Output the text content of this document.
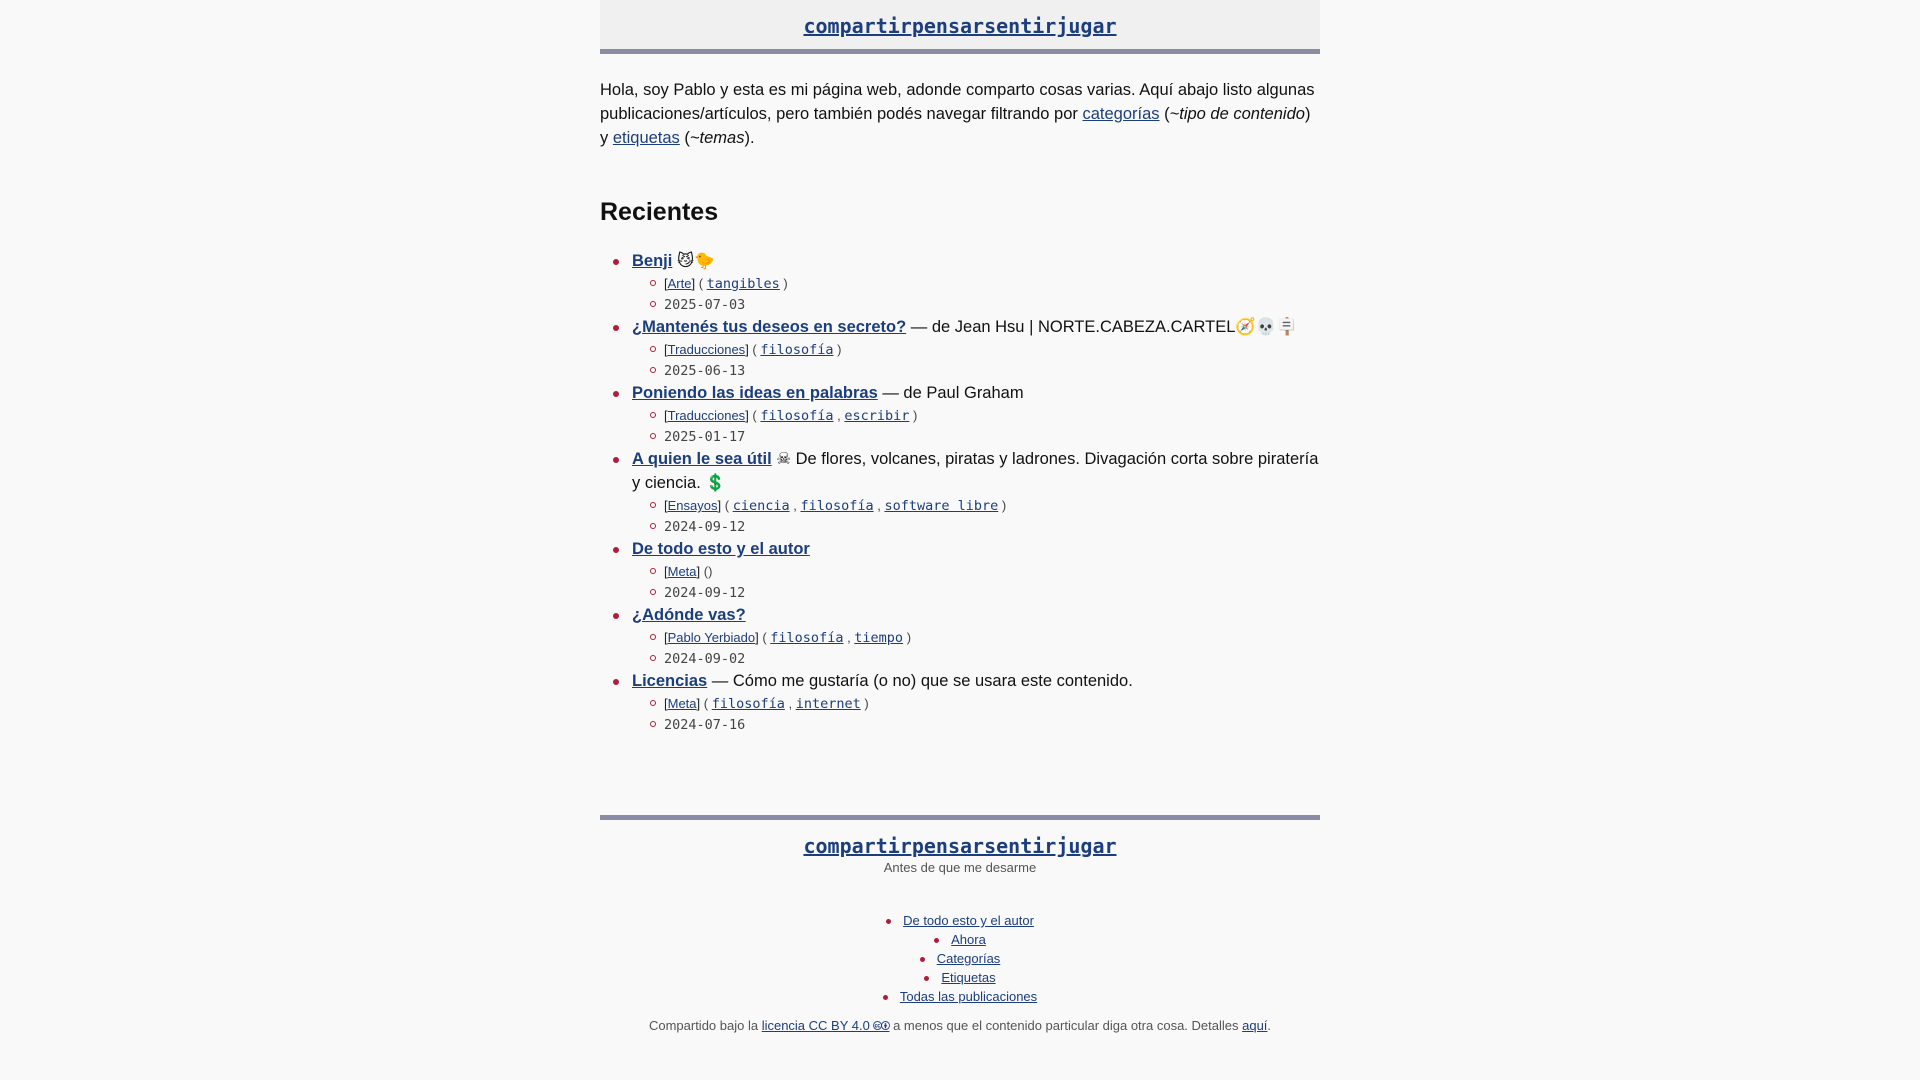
compartirpensarsentirjugar

Hola, soy Pablo y esta es mi página web, adonde comparto cosas varias. Aquí abajo listo algunas publicaciones/artículos, pero también podés navegar filtrando por categorías (~tipo de contenido) y etiquetas (~temas).

Recientes
Benji 😼🐤
[Arte] ( tangibles )
2025-07-03
¿Mantenés tus deseos en secreto? — de Jean Hsu | NORTE.CABEZA.CARTEL🧭💀🪧
[Traducciones] ( filosofía )
2025-06-13
Poniendo las ideas en palabras — de Paul Graham
[Traducciones] ( filosofía , escribir )
2025-01-17
A quien le sea útil ☠ De flores, volcanes, piratas y ladrones. Divagación corta sobre piratería y ciencia. 💲
[Ensayos] ( ciencia , filosofía , software libre )
2024-09-12
De todo esto y el autor
[Meta] ()
2024-09-12
¿Adónde vas?
[Pablo Yerbiado] ( filosofía , tiempo )
2024-09-02
Licencias — Cómo me gustaría (o no) que se usara este contenido.
[Meta] ( filosofía , internet )
2024-07-16
compartirpensarsentirjugar
Antes de que me desarme
De todo esto y el autor
Ahora
Categorías
Etiquetas
Todas las publicaciones
Compartido bajo la licencia CC BY 4.0 🅭🅯 a menos que el contenido particular diga otra cosa. Detalles aquí.
